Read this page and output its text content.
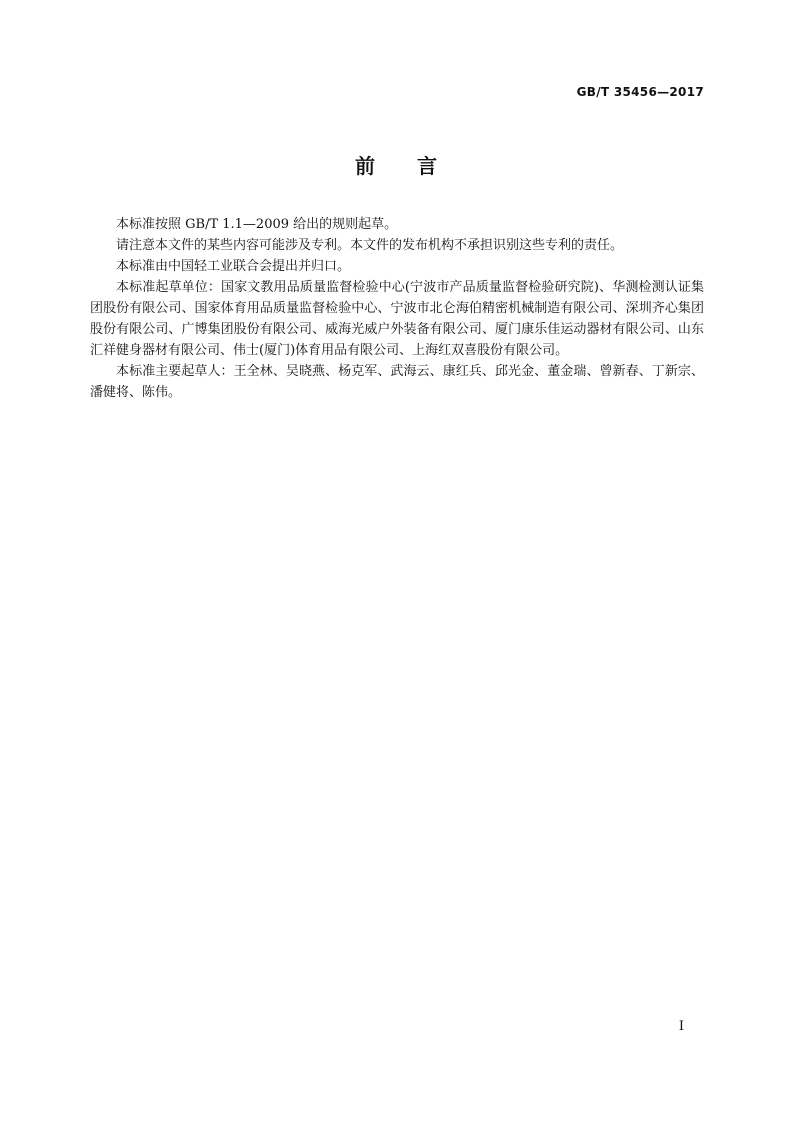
GB/T 35456—2017
前 言

本标准按照 GB/T 1.1—2009 给出的规则起草。

请注意本文件的某些内容可能涉及专利。本文件的发布机构不承担识别这些专利的责任。

本标准由中国轻工业联合会提出并归口。

本标准起草单位：国家文教用品质量监督检验中心(宁波市产品质量监督检验研究院)、华测检测认证集团股份有限公司、国家体育用品质量监督检验中心、宁波市北仑海伯精密机械制造有限公司、深圳齐心集团股份有限公司、广博集团股份有限公司、威海光威户外装备有限公司、厦门康乐佳运动器材有限公司、山东汇祥健身器材有限公司、伟士(厦门)体育用品有限公司、上海红双喜股份有限公司。

本标准主要起草人：王全林、吴晓燕、杨克军、武海云、康红兵、邱光金、董金瑞、曾新春、丁新宗、潘健将、陈伟。

I
